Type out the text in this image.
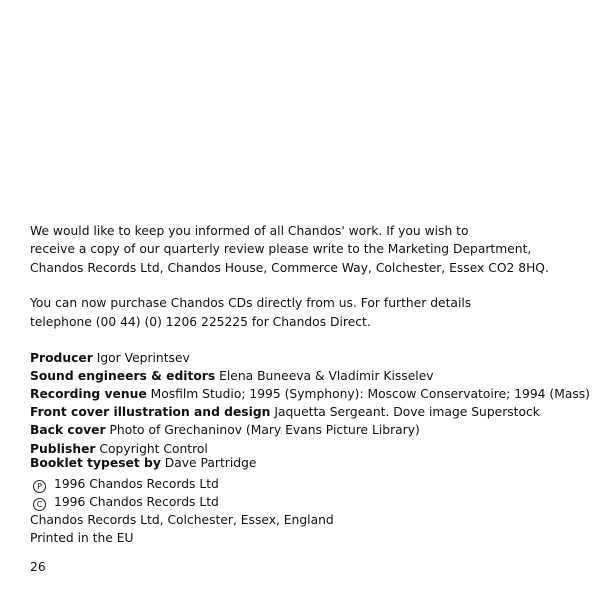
We would like to keep you informed of all Chandos' work. If you wish to
receive a copy of our quarterly review please write to the Marketing Department,
Chandos Records Ltd, Chandos House, Commerce Way, Colchester, Essex CO2 8HQ.
You can now purchase Chandos CDs directly from us. For further details
telephone (00 44) (0) 1206 225225 for Chandos Direct.
Producer Igor Veprintsev
Sound engineers & editors Elena Buneeva & Vladimir Kisselev
Recording venue Mosfilm Studio; 1995 (Symphony): Moscow Conservatoire; 1994 (Mass)
Front cover illustration and design Jaquetta Sergeant. Dove image Superstock
Back cover Photo of Grechaninov (Mary Evans Picture Library)
Publisher Copyright Control
Booklet typeset by Dave Partridge
P 1996 Chandos Records Ltd
C 1996 Chandos Records Ltd
Chandos Records Ltd, Colchester, Essex, England
Printed in the EU
26
